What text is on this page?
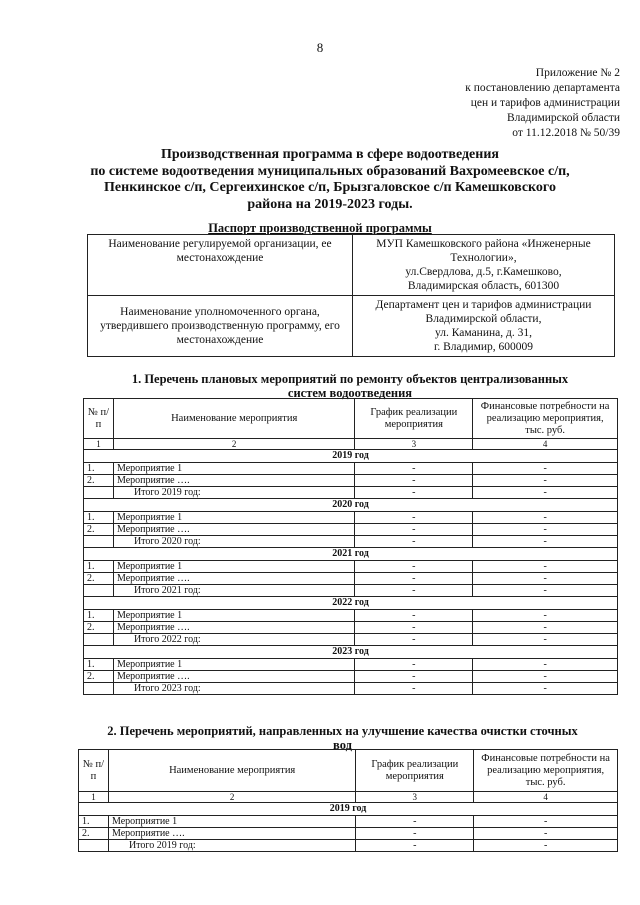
8
Приложение № 2
к постановлению департамента
цен и тарифов администрации
Владимирской области
от 11.12.2018 № 50/39
Производственная программа в сфере водоотведения
по системе водоотведения муниципальных образований Вахромеевское с/п,
Пенкинское с/п, Сергеихинское с/п, Брызгаловское с/п Камешковского
района на 2019-2023 годы.
Паспорт производственной программы
Наименование регулируемой организации, ее местонахождение	МУП Камешковского района «Инженерные
Технологии»,
ул.Свердлова, д.5, г.Камешково,
Владимирская область, 601300

Наименование уполномоченного органа, утвердившего производственную программу, его местонахождение	Департамент цен и тарифов администрации
Владимирской области,
ул. Каманина, д. 31,
г. Владимир, 600009
1. Перечень плановых мероприятий по ремонту объектов централизованных
систем водоотведения
№ п/п	Наименование мероприятия	График реализации мероприятия	Финансовые потребности на реализацию мероприятия, тыс. руб.
1	2	3	4
2019 год			
1.	Мероприятие 1	-	-
2.	Мероприятие ….	-	-
	Итого 2019 год:	-	-
2020 год			
1.	Мероприятие 1	-	-
2.	Мероприятие ….	-	-
	Итого 2020 год:	-	-
2021 год			
1.	Мероприятие 1	-	-
2.	Мероприятие ….	-	-
	Итого 2021 год:	-	-
2022 год			
1.	Мероприятие 1	-	-
2.	Мероприятие ….	-	-
	Итого 2022 год:	-	-
2023 год			
1.	Мероприятие 1	-	-
2.	Мероприятие ….	-	-
	Итого 2023 год:	-	-
2. Перечень мероприятий, направленных на улучшение качества очистки сточных
вод
№ п/п	Наименование мероприятия	График реализации мероприятия	Финансовые потребности на реализацию мероприятия, тыс. руб.
1	2	3	4
2019 год			
1.	Мероприятие 1	-	-
2.	Мероприятие ….	-	-
	Итого 2019 год:	-	-
